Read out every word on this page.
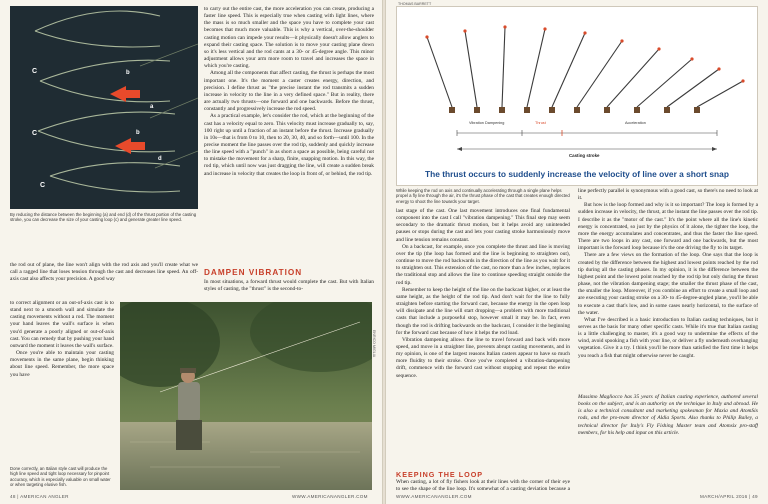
C	b
a
C	b
d
C
By reducing the distance between the beginning (a) and end (d) of the thrust portion of the casting stroke, you can decrease the size of your casting loop (c) and generate greater line speed.

to carry out the entire cast, the more acceleration you can create, producing a faster line speed. This is especially true when casting with light lines, where the mass is so much smaller and the space you have to complete your cast becomes that much more valuable. This is why a vertical, over-the-shoulder casting motion can impede your results—it physically doesn't allow anglers to expand their casting space. The solution is to move your casting plane down so it's less vertical and the rod cants at a 30- or 45-degree angle. This minor adjustment allows your arm more room to travel and increases the space in which you're casting.

Among all the components that affect casting, the thrust is perhaps the most important one. It's the moment a caster creates energy, direction, and precision. I define thrust as "the precise instant the rod transmits a sudden increase in velocity to the line in a very defined space." But in reality, there are actually two thrusts—one forward and one backwards. Before the thrust, constantly and progressively increase the rod speed.

As a practical example, let's consider the rod, which at the beginning of the cast has a velocity equal to zero. This velocity must increase gradually to, say, 100 right up until a fraction of an instant before the thrust. Increase gradually in 10s—that is from 0 to 10, then to 20, 30, 40, and so forth—until 100. In the precise moment the line passes over the rod tip, suddenly and quickly increase the line speed with a "punch" in as short a space as possible, being careful not to mistake the movement for a sharp, finite, snapping motion. In this way, the rod tip, which until now was just dragging the line, will create a sudden break and increase in velocity that creates the loop in front of, or behind, the rod tip.

DAMPEN VIBRATION

In most situations, a forward thrust would complete the cast. But with Italian styles of casting, the "thrust" is the second-to-

the rod out of plane, the line won't align with the rod axis and you'll create what we call a ragged line that loses tension through the cast and decreases line speed. An off-axis cast also affects your precision. A good way

to correct alignment or an out-of-axis cast is to stand next to a smooth wall and simulate the casting movements without a rod. The moment your hand leaves the wall's surface is when you'd generate a poorly aligned or out-of-axis cast. You can remedy that by pushing your hand outward the moment it leaves the wall's surface.

Once you're able to maintain your casting movements in the same plane, begin thinking about line speed. Remember, the more space you have

Done correctly, an Italian style cast will produce the high line speed and tight loop necessary for pinpoint accuracy, which is especially valuable on small water or when targeting elusive fish.
ENRICO MIGLIA
48 | AMERICAN ANGLER	WWW.AMERICANANGLER.COM
THOMAS BARRETT
Vibration Dampening	Thrust	Acceleration
Casting stroke
The thrust occurs to suddenly increase the velocity of line over a short snap
While keeping the rod on axis and continually accelerating through a single plane helps propel a fly line through the air, it's the thrust phase of the cast that creates enough directed energy to shoot the line towards your target.

last stage of the cast. One last movement introduces one final fundamental component into the cast I call "vibration dampening." This final step may seem secondary to the dramatic thrust motion, but it helps avoid any unintended pauses or stops during the cast and lets your casting stroke harmoniously move and line tension remains constant.

On a backcast, for example, once you complete the thrust and line is moving over the tip (the loop has formed and the line is beginning to straighten out), continue to move the rod backwards in the direction of the line as you wait for it to straighten out. This extension of the cast, no more than a few inches, replaces the traditional stop and allows the line to continue speeding straight outside the rod tip.

Remember to keep the height of the line on the backcast higher, or at least the same height, as the height of the rod tip. And don't wait for the line to fully straighten before starting the forward cast, because the energy in the open loop will dissipate and the line will start dropping—a problem with more traditional casts that include a purposeful stop, however small it may be. In fact, even though the rod is drifting backwards on the backcast, I consider it the beginning for the forward cast because of how it helps the rod load.

Vibration dampening allows the line to travel forward and back with more speed, and move in a straighter line, prevents abrupt casting movements, and in my opinion, is one of the largest reasons Italian casters appear to have so much more fluidity to their stroke. Once you've completed a vibration-dampening drift, commence with the forward cast without stopping and repeat the entire sequence.

KEEPING THE LOOP

When casting, a lot of fly fishers look at their lines with the corner of their eye to see the shape of the line loop. It's somewhat of a casting deviation because a

line perfectly parallel is synonymous with a good cast, so there's no need to look at it.

But how is the loop formed and why is it so important? The loop is formed by a sudden increase in velocity, the thrust, at the instant the line passes over the rod tip. I describe it as the "motor of the cast." It's the point where all the line's kinetic energy is concentrated, so just by the physics of it alone, the tighter the loop, the more the energy accumulates and concentrates, and thus the faster the line speed. There are two loops in any cast, one forward and one backwards, but the most important is the forward loop because it's the one driving the fly to its target.

There are a few views on the formation of the loop. One says that the loop is created by the difference between the highest and lowest points reached by the rod tip during all the casting phases. In my opinion, it is the difference between the highest point and the lowest point reached by the rod tip but only during the thrust phase, not the vibration dampening stage; the smaller the thrust phase of the cast, the smaller the loop. Moreover, if you combine an effort to create a small loop and are executing your casting stroke on a 30- to 45-degree-angled plane, you'll be able to execute a cast that's low, and in some cases nearly horizontal, to the surface of the water.

What I've described is a basic introduction to Italian casting techniques, but it serves as the basis for many other specific casts. While it's true that Italian casting is a little challenging to master, it's a good way to undermine the effects of the wind, avoid spooking a fish with your line, or deliver a fly underneath overhanging vegetation. Give it a try. I think you'll be more than satisfied the first time it helps you reach a fish that might otherwise never be caught.

Massimo Magliocco has 35 years of Italian casting experience, authored several books on the subject, and is an authority on the technique in Italy and abroad. He is also a technical consultant and marketing spokesman for Maxia and AtomSix rods, and the pro-team director of Aldia Sports. Also thanks to Philip Bailey, a technical director for Italy's Fly Fishing Master team and Atomsix pro-staff members, for his help and input on this article.

WWW.AMERICANANGLER.COM	MARCH/APRIL 2016 | 49
